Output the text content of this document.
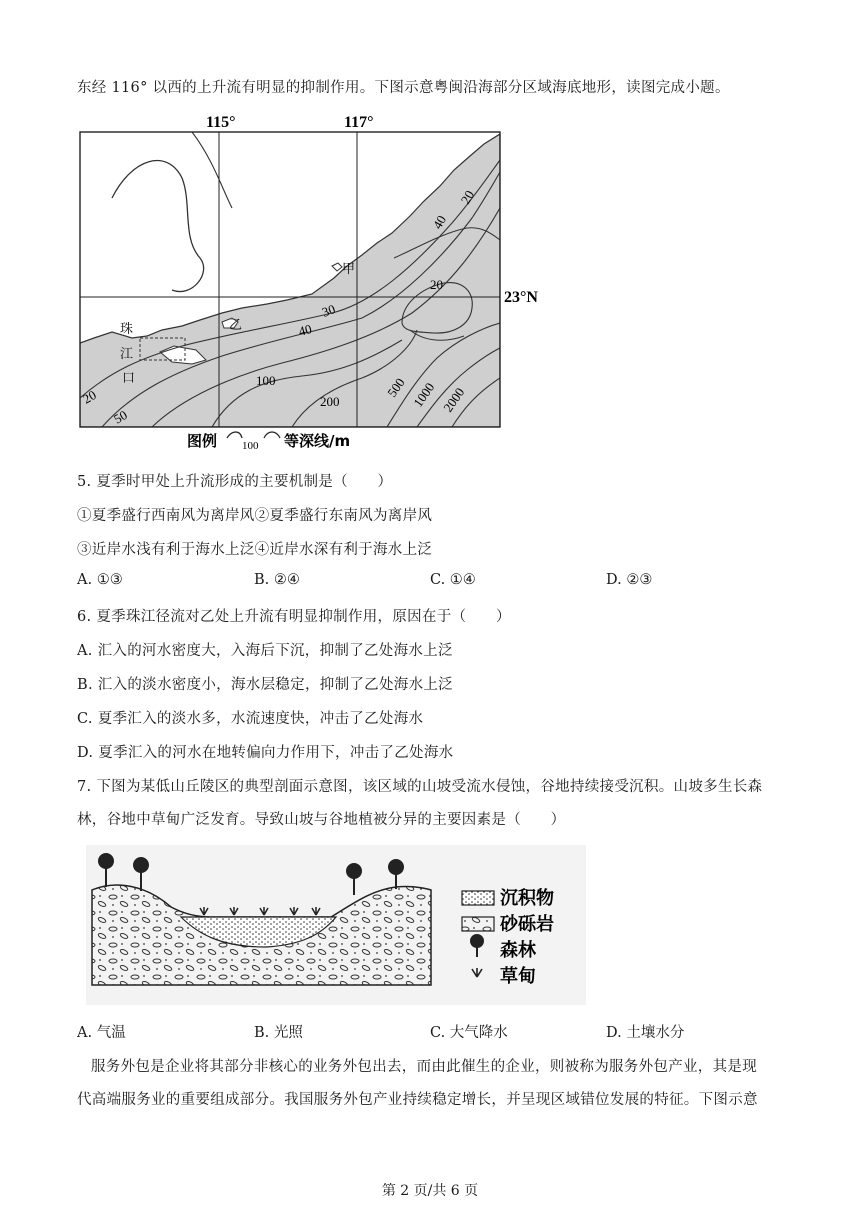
东经 116° 以西的上升流有明显的抑制作用。下图示意粤闽沿海部分区域海底地形，读图完成小题。
115°	117°
23°N
甲
乙
珠
江
口
20
40
20
30
40
100
200
500 1000 2000
20
50
图例 100 等深线/m
5. 夏季时甲处上升流形成的主要机制是（　　）
①夏季盛行西南风为离岸风②夏季盛行东南风为离岸风
③近岸水浅有利于海水上泛④近岸水深有利于海水上泛
A. ①③	B. ②④	C. ①④	D. ②③
6. 夏季珠江径流对乙处上升流有明显抑制作用，原因在于（　　）
A. 汇入的河水密度大，入海后下沉，抑制了乙处海水上泛
B. 汇入的淡水密度小，海水层稳定，抑制了乙处海水上泛
C. 夏季汇入的淡水多，水流速度快，冲击了乙处海水
D. 夏季汇入的河水在地转偏向力作用下，冲击了乙处海水
7. 下图为某低山丘陵区的典型剖面示意图，该区域的山坡受流水侵蚀，谷地持续接受沉积。山坡多生长森
林，谷地中草甸广泛发育。导致山坡与谷地植被分异的主要因素是（　　）
沉积物
砂砾岩
森林
草甸
A. 气温	B. 光照	C. 大气降水	D. 土壤水分
服务外包是企业将其部分非核心的业务外包出去，而由此催生的企业，则被称为服务外包产业，其是现
代高端服务业的重要组成部分。我国服务外包产业持续稳定增长，并呈现区域错位发展的特征。下图示意
第 2 页/共 6 页
